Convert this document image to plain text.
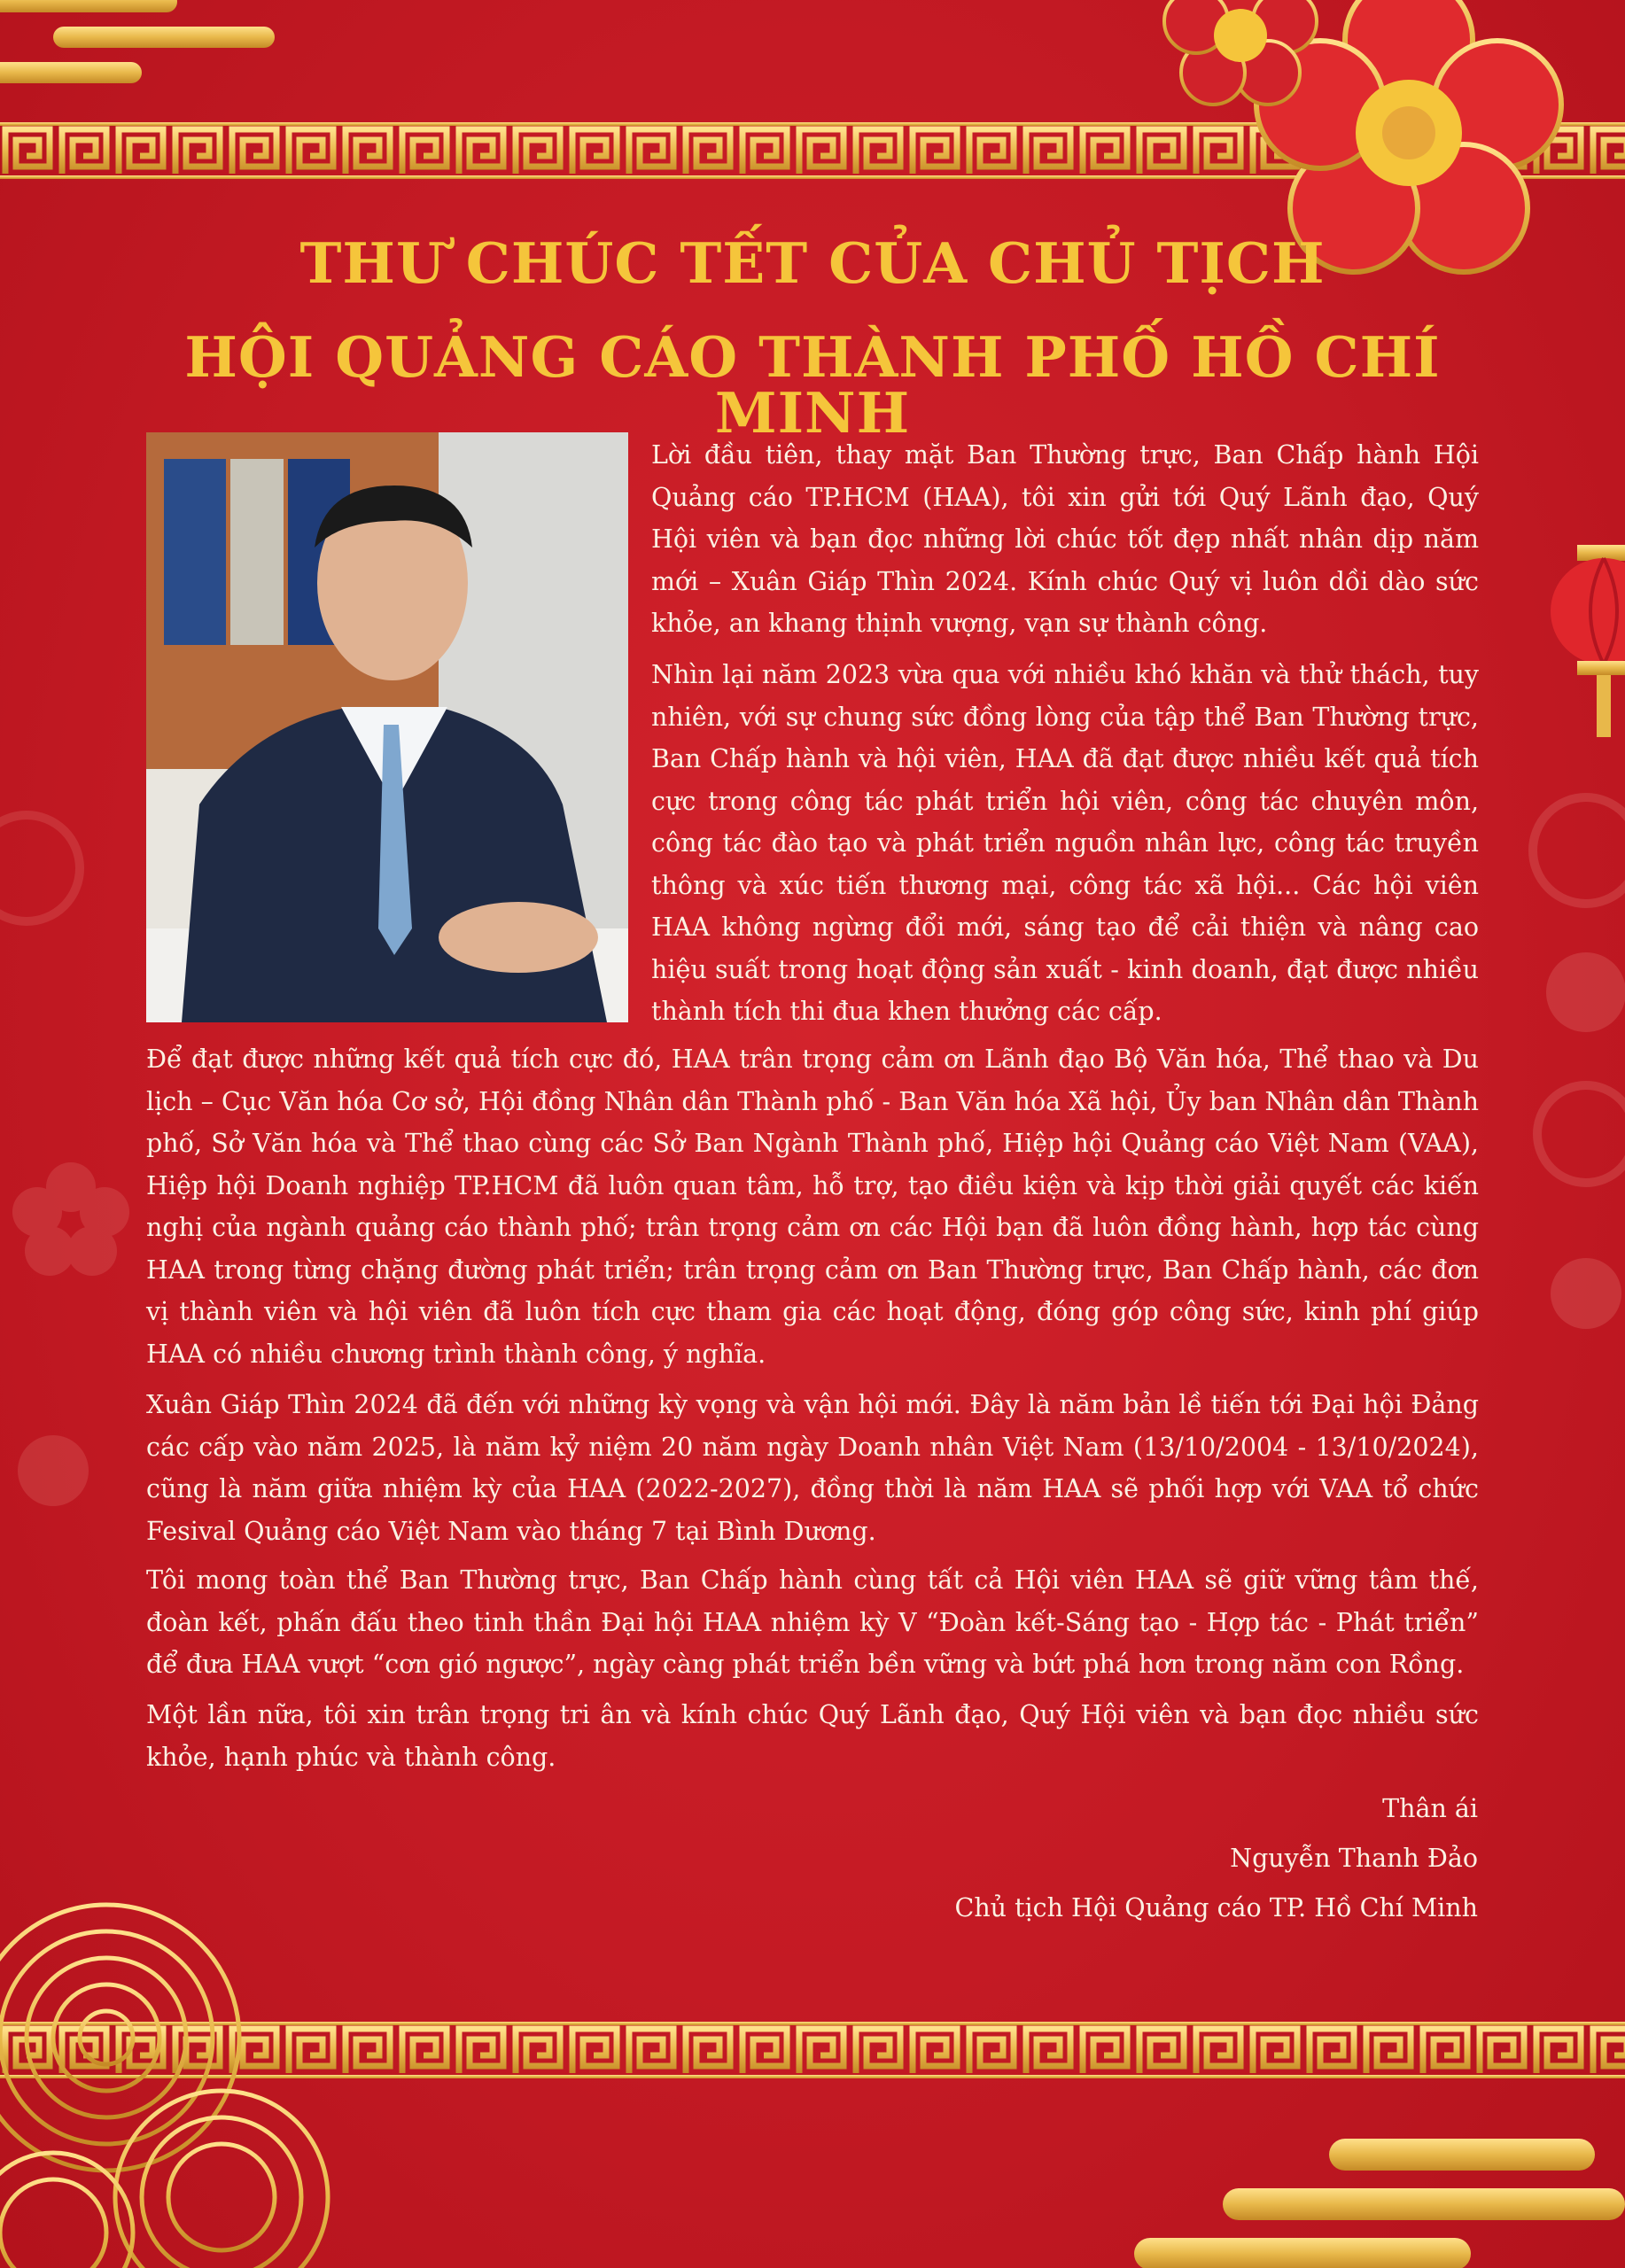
THƯ CHÚC TẾT CỦA CHỦ TỊCH
HỘI QUẢNG CÁO THÀNH PHỐ HỒ CHÍ MINH

Lời đầu tiên, thay mặt Ban Thường trực, Ban Chấp hành Hội Quảng cáo TP.HCM (HAA), tôi xin gửi tới Quý Lãnh đạo, Quý Hội viên và bạn đọc những lời chúc tốt đẹp nhất nhân dịp năm mới – Xuân Giáp Thìn 2024. Kính chúc Quý vị luôn dồi dào sức khỏe, an khang thịnh vượng, vạn sự thành công.

Nhìn lại năm 2023 vừa qua với nhiều khó khăn và thử thách, tuy nhiên, với sự chung sức đồng lòng của tập thể Ban Thường trực, Ban Chấp hành và hội viên, HAA đã đạt được nhiều kết quả tích cực trong công tác phát triển hội viên, công tác chuyên môn, công tác đào tạo và phát triển nguồn nhân lực, công tác truyền thông và xúc tiến thương mại, công tác xã hội... Các hội viên HAA không ngừng đổi mới, sáng tạo để cải thiện và nâng cao hiệu suất trong hoạt động sản xuất - kinh doanh, đạt được nhiều thành tích thi đua khen thưởng các cấp.

Để đạt được những kết quả tích cực đó, HAA trân trọng cảm ơn Lãnh đạo Bộ Văn hóa, Thể thao và Du lịch – Cục Văn hóa Cơ sở, Hội đồng Nhân dân Thành phố - Ban Văn hóa Xã hội, Ủy ban Nhân dân Thành phố, Sở Văn hóa và Thể thao cùng các Sở Ban Ngành Thành phố, Hiệp hội Quảng cáo Việt Nam (VAA), Hiệp hội Doanh nghiệp TP.HCM đã luôn quan tâm, hỗ trợ, tạo điều kiện và kịp thời giải quyết các kiến nghị của ngành quảng cáo thành phố; trân trọng cảm ơn các Hội bạn đã luôn đồng hành, hợp tác cùng HAA trong từng chặng đường phát triển; trân trọng cảm ơn Ban Thường trực, Ban Chấp hành, các đơn vị thành viên và hội viên đã luôn tích cực tham gia các hoạt động, đóng góp công sức, kinh phí giúp HAA có nhiều chương trình thành công, ý nghĩa.

Xuân Giáp Thìn 2024 đã đến với những kỳ vọng và vận hội mới. Đây là năm bản lề tiến tới Đại hội Đảng các cấp vào năm 2025, là năm kỷ niệm 20 năm ngày Doanh nhân Việt Nam (13/10/2004 - 13/10/2024), cũng là năm giữa nhiệm kỳ của HAA (2022-2027), đồng thời là năm HAA sẽ phối hợp với VAA tổ chức Fesival Quảng cáo Việt Nam vào tháng 7 tại Bình Dương.

Tôi mong toàn thể Ban Thường trực, Ban Chấp hành cùng tất cả Hội viên HAA sẽ giữ vững tâm thế, đoàn kết, phấn đấu theo tinh thần Đại hội HAA nhiệm kỳ V “Đoàn kết-Sáng tạo - Hợp tác - Phát triển” để đưa HAA vượt “cơn gió ngược”, ngày càng phát triển bền vững và bứt phá hơn trong năm con Rồng.

Một lần nữa, tôi xin trân trọng tri ân và kính chúc Quý Lãnh đạo, Quý Hội viên và bạn đọc nhiều sức khỏe, hạnh phúc và thành công.

Thân ái
Nguyễn Thanh Đảo
Chủ tịch Hội Quảng cáo TP. Hồ Chí Minh
